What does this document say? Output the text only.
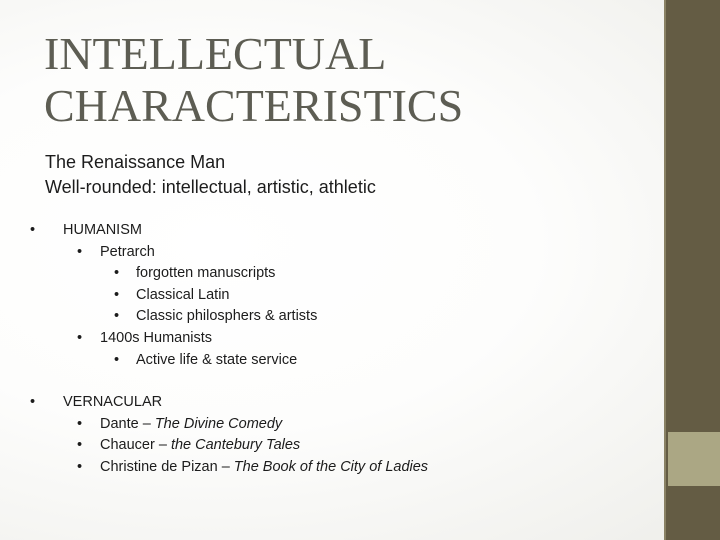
INTELLECTUAL
CHARACTERISTICS
The Renaissance Man
Well-rounded: intellectual, artistic, athletic
• HUMANISM
• Petrarch
• forgotten manuscripts
• Classical Latin
• Classic philosphers & artists
• 1400s Humanists
• Active life & state service
• VERNACULAR
• Dante – The Divine Comedy
• Chaucer – the Cantebury Tales
• Christine de Pizan – The Book of the City of Ladies
